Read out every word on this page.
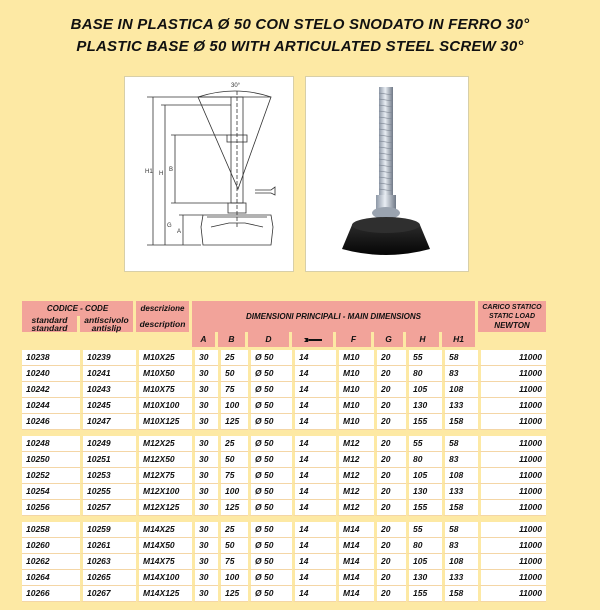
BASE IN PLASTICA Ø 50 CON STELO SNODATO IN FERRO 30°
PLASTIC BASE Ø 50 WITH ARTICULATED STEEL SCREW 30°
30°
H1 H
B
A
G
CODICE - CODE		descrizione	DIMENSIONI PRINCIPALI - MAIN DIMENSIONS								CARICO STATICO
STATIC LOAD
NEWTON
standard
standard	antiscivolo
antislip	description									
			A	B	D		F	G	H	H1	

10238	10239	M10X25	30	25	Ø 50	14	M10	20	55	58	11000
10240	10241	M10X50	30	50	Ø 50	14	M10	20	80	83	11000
10242	10243	M10X75	30	75	Ø 50	14	M10	20	105	108	11000
10244	10245	M10X100	30	100	Ø 50	14	M10	20	130	133	11000
10246	10247	M10X125	30	125	Ø 50	14	M10	20	155	158	11000

10248	10249	M12X25	30	25	Ø 50	14	M12	20	55	58	11000
10250	10251	M12X50	30	50	Ø 50	14	M12	20	80	83	11000
10252	10253	M12X75	30	75	Ø 50	14	M12	20	105	108	11000
10254	10255	M12X100	30	100	Ø 50	14	M12	20	130	133	11000
10256	10257	M12X125	30	125	Ø 50	14	M12	20	155	158	11000

10258	10259	M14X25	30	25	Ø 50	14	M14	20	55	58	11000
10260	10261	M14X50	30	50	Ø 50	14	M14	20	80	83	11000
10262	10263	M14X75	30	75	Ø 50	14	M14	20	105	108	11000
10264	10265	M14X100	30	100	Ø 50	14	M14	20	130	133	11000
10266	10267	M14X125	30	125	Ø 50	14	M14	20	155	158	11000
